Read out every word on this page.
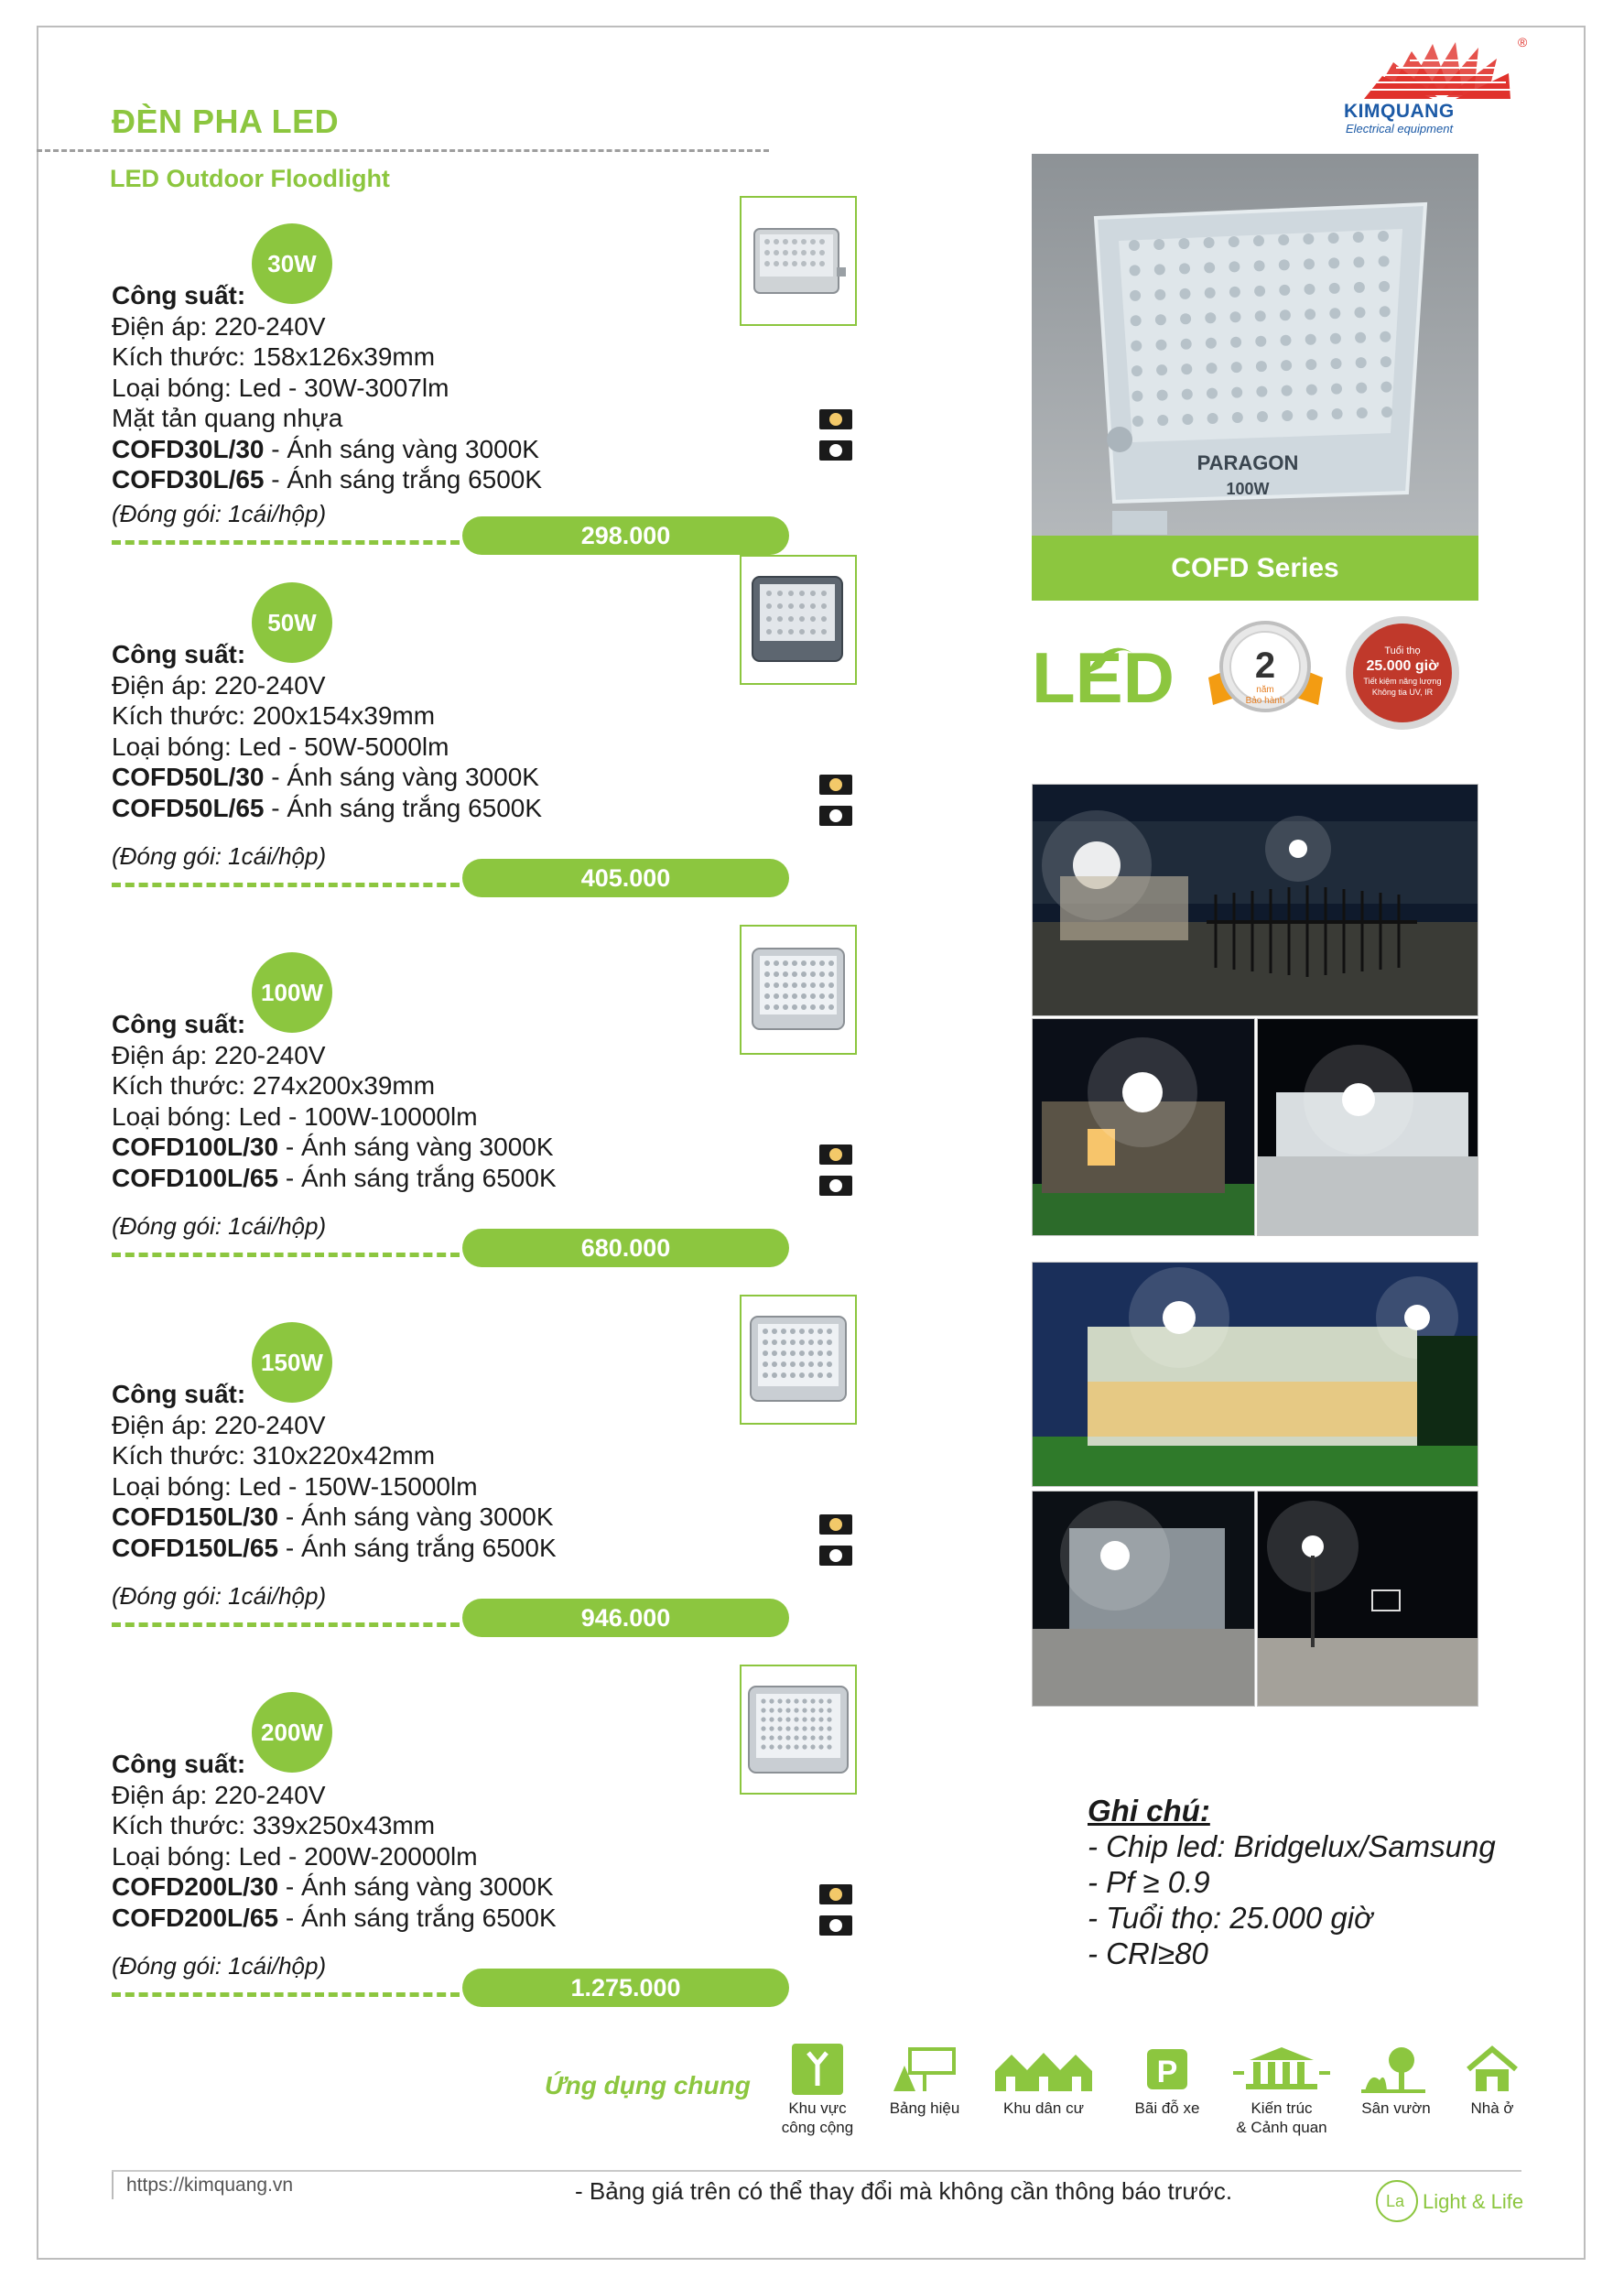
ĐÈN PHA LED
LED Outdoor Floodlight
®
KIMQUANG
Electrical equipment
30W
Công suất:
Điện áp: 220-240V
Kích thước: 158x126x39mm
Loại bóng: Led - 30W-3007lm
Mặt tản quang nhựa
COFD30L/30 - Ánh sáng vàng 3000K
COFD30L/65 - Ánh sáng trắng 6500K
(Đóng gói: 1cái/hộp)
298.000
50W
Công suất:
Điện áp: 220-240V
Kích thước: 200x154x39mm
Loại bóng: Led - 50W-5000lm
COFD50L/30 - Ánh sáng vàng 3000K
COFD50L/65 - Ánh sáng trắng 6500K
(Đóng gói: 1cái/hộp)
405.000
100W
Công suất:
Điện áp: 220-240V
Kích thước: 274x200x39mm
Loại bóng: Led - 100W-10000lm
COFD100L/30 - Ánh sáng vàng 3000K
COFD100L/65 - Ánh sáng trắng 6500K
(Đóng gói: 1cái/hộp)
680.000
150W
Công suất:
Điện áp: 220-240V
Kích thước: 310x220x42mm
Loại bóng: Led - 150W-15000lm
COFD150L/30 - Ánh sáng vàng 3000K
COFD150L/65 - Ánh sáng trắng 6500K
(Đóng gói: 1cái/hộp)
946.000
200W
Công suất:
Điện áp: 220-240V
Kích thước: 339x250x43mm
Loại bóng: Led - 200W-20000lm
COFD200L/30 - Ánh sáng vàng 3000K
COFD200L/65 - Ánh sáng trắng 6500K
(Đóng gói: 1cái/hộp)
1.275.000
PARAGON
100W
COFD Series
LED 2
năm
Bảo hành
Tuổi thọ
25.000 giờ
Tiết kiệm năng lượng
Không tia UV, IR
Ghi chú:
- Chip led: Bridgelux/Samsung
- Pf ≥ 0.9
- Tuổi thọ: 25.000 giờ
- CRI≥80
Ứng dụng chung
Khu vực
công cộng
Bảng hiệu	Khu dân cư
P
Bãi đỗ xe	Kiến trúc
& Cảnh quan
Sân vườn	Nhà ở
https://kimquang.vn	- Bảng giá trên có thể thay đổi mà không cần thông báo trước.	La Light & Life
